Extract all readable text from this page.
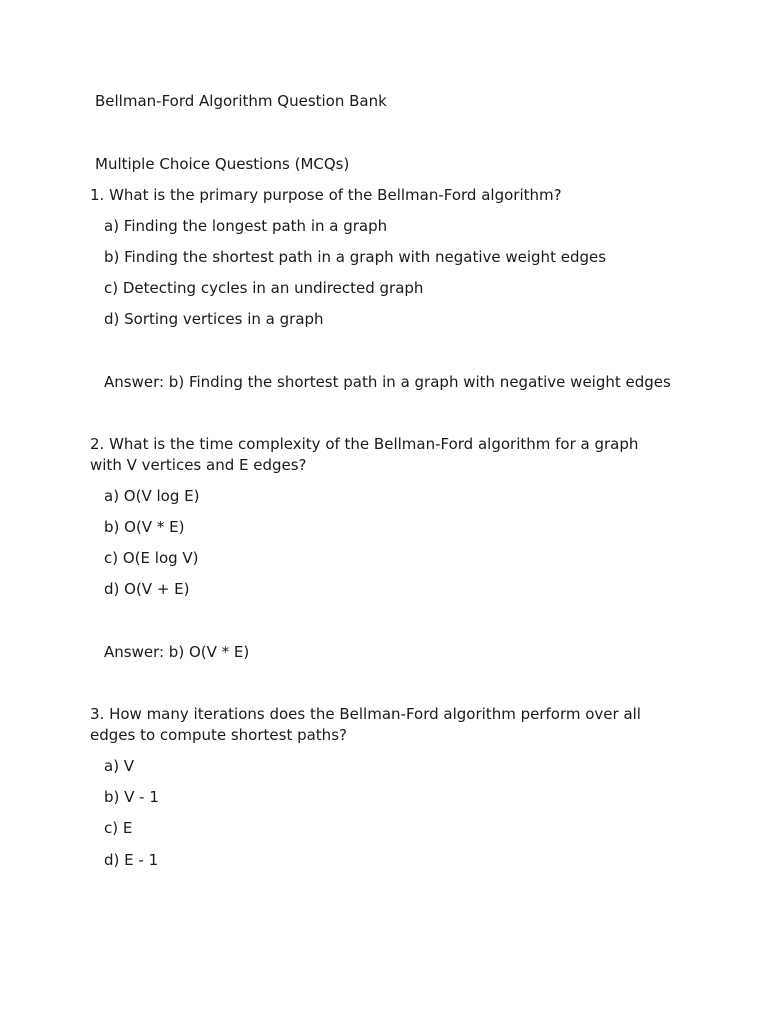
Bellman-Ford Algorithm Question Bank

Multiple Choice Questions (MCQs)

1. What is the primary purpose of the Bellman-Ford algorithm?

a) Finding the longest path in a graph

b) Finding the shortest path in a graph with negative weight edges

c) Detecting cycles in an undirected graph

d) Sorting vertices in a graph

Answer: b) Finding the shortest path in a graph with negative weight edges

2. What is the time complexity of the Bellman-Ford algorithm for a graph with V vertices and E edges?

a) O(V log E)

b) O(V * E)

c) O(E log V)

d) O(V + E)

Answer: b) O(V * E)

3. How many iterations does the Bellman-Ford algorithm perform over all edges to compute shortest paths?

a) V

b) V - 1

c) E

d) E - 1
